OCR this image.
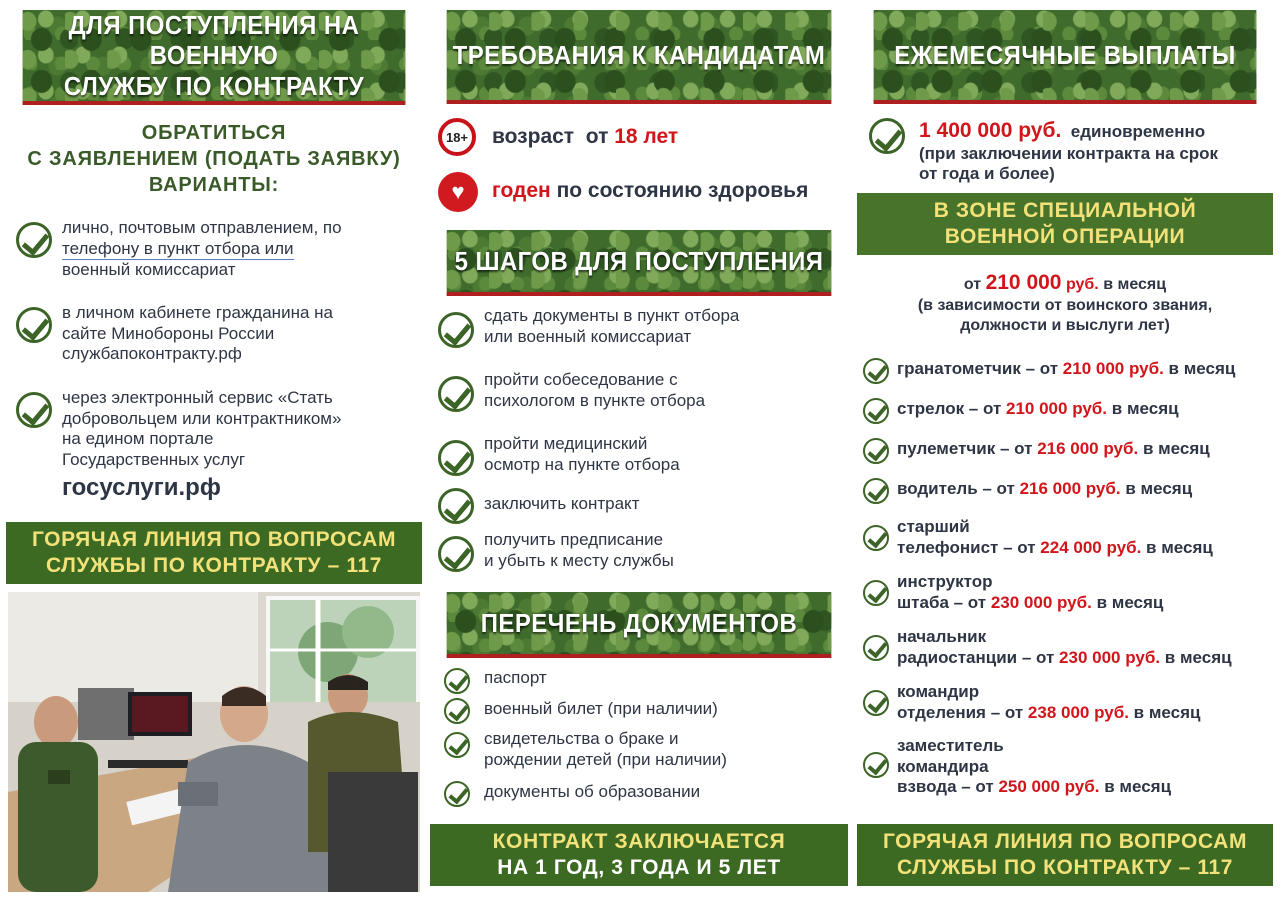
ДЛЯ ПОСТУПЛЕНИЯ НА ВОЕННУЮ
СЛУЖБУ ПО КОНТРАКТУ
ОБРАТИТЬСЯ
С ЗАЯВЛЕНИЕМ (ПОДАТЬ ЗАЯВКУ)
ВАРИАНТЫ:
лично, почтовым отправлением, по
телефону в пункт отбора или
военный комиссариат
в личном кабинете гражданина на
сайте Минобороны России
службапоконтракту.рф
через электронный сервис «Стать
добровольцем или контрактником»
на едином портале
Государственных услуг
госуслуги.рф
ГОРЯЧАЯ ЛИНИЯ ПО ВОПРОСАМ
СЛУЖБЫ ПО КОНТРАКТУ – 117
ТРЕБОВАНИЯ К КАНДИДАТАМ
18+ возраст от 18 лет
♥	годен по состоянию здоровья
5 ШАГОВ ДЛЯ ПОСТУПЛЕНИЯ
сдать документы в пункт отбора
или военный комиссариат
пройти собеседование с
психологом в пункте отбора
пройти медицинский
осмотр на пункте отбора
заключить контракт
получить предписание
и убыть к месту службы
ПЕРЕЧЕНЬ ДОКУМЕНТОВ
паспорт
военный билет (при наличии)
свидетельства о браке и
рождении детей (при наличии)
документы об образовании
КОНТРАКТ ЗАКЛЮЧАЕТСЯ
НА 1 ГОД, 3 ГОДА И 5 ЛЕТ
ЕЖЕМЕСЯЧНЫЕ ВЫПЛАТЫ
1 400 000 руб. единовременно
(при заключении контракта на срок
от года и более)
В ЗОНЕ СПЕЦИАЛЬНОЙ
ВОЕННОЙ ОПЕРАЦИИ
от 210 000 руб. в месяц
(в зависимости от воинского звания,
должности и выслуги лет)
гранатометчик – от 210 000 руб. в месяц
стрелок – от 210 000 руб. в месяц
пулеметчик – от 216 000 руб. в месяц
водитель – от 216 000 руб. в месяц
старший
телефонист – от 224 000 руб. в месяц
инструктор
штаба – от 230 000 руб. в месяц
начальник
радиостанции – от 230 000 руб. в месяц
командир
отделения – от 238 000 руб. в месяц
заместитель
командира
взвода – от 250 000 руб. в месяц
ГОРЯЧАЯ ЛИНИЯ ПО ВОПРОСАМ
СЛУЖБЫ ПО КОНТРАКТУ – 117
